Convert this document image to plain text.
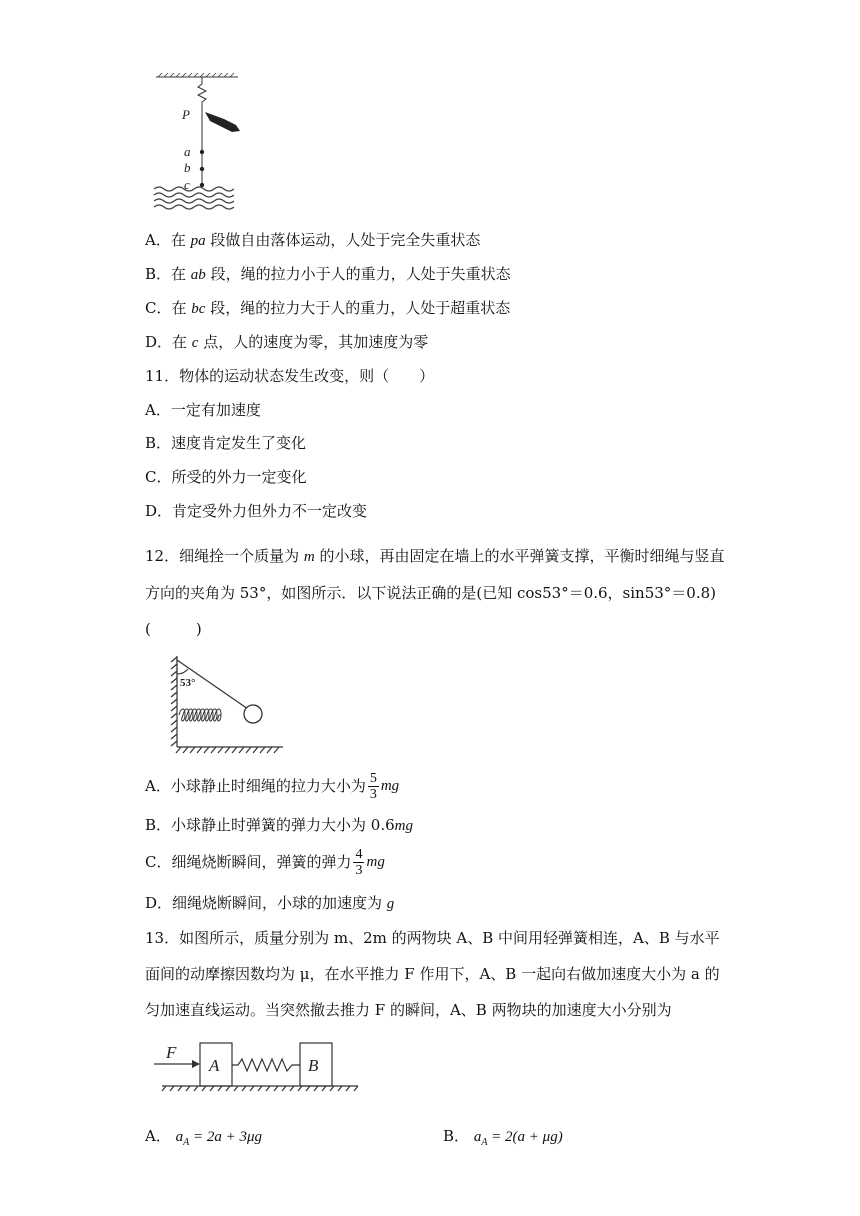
P
a
b
c
A．在 pa 段做自由落体运动，人处于完全失重状态
B．在 ab 段，绳的拉力小于人的重力，人处于失重状态
C．在 bc 段，绳的拉力大于人的重力，人处于超重状态
D．在 c 点，人的速度为零，其加速度为零
11．物体的运动状态发生改变，则（　　）
A．一定有加速度
B．速度肯定发生了变化
C．所受的外力一定变化
D．肯定受外力但外力不一定改变
12．细绳拴一个质量为 m 的小球，再由固定在墙上的水平弹簧支撑，平衡时细绳与竖直方向的夹角为 53°，如图所示．以下说法正确的是(已知 cos53°＝0.6，sin53°＝0.8)
(　　　)
53°
A．小球静止时细绳的拉力大小为 $\frac{5}{3}$ mg
B．小球静止时弹簧的弹力大小为 0.6mg
C．细绳烧断瞬间，弹簧的弹力 $\frac{4}{3}$ mg
D．细绳烧断瞬间，小球的加速度为 g
13．如图所示，质量分别为 m、2m 的两物块 A、B 中间用轻弹簧相连，A、B 与水平面间的动摩擦因数均为 μ，在水平推力 F 作用下，A、B 一起向右做加速度大小为 a 的匀加速直线运动。当突然撤去推力 F 的瞬间，A、B 两物块的加速度大小分别为
F
A	B
A． $a_A = 2a + 3\mu g$	B． $a_A = 2(a + \mu g)$
